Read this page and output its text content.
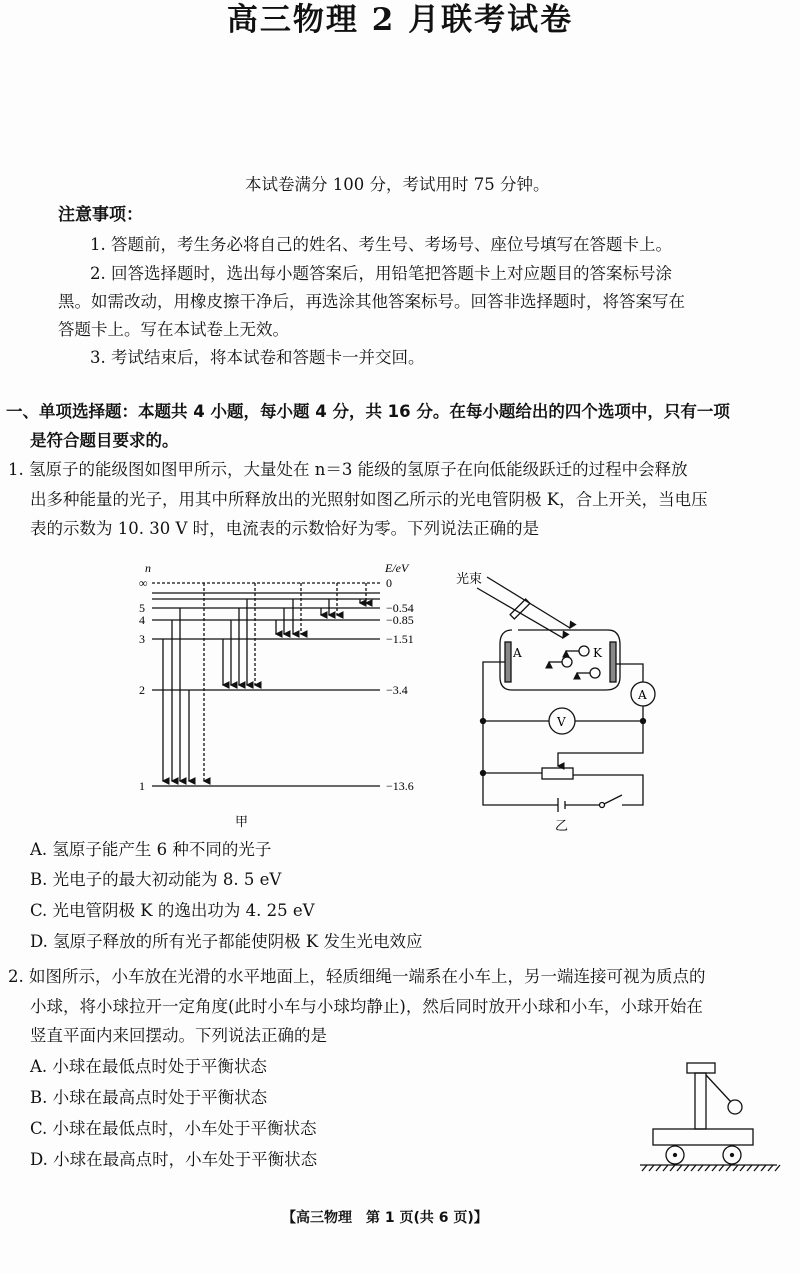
高三物理 2 月联考试卷
本试卷满分 100 分，考试用时 75 分钟。
注意事项：
1. 答题前，考生务必将自己的姓名、考生号、考场号、座位号填写在答题卡上。
2. 回答选择题时，选出每小题答案后，用铅笔把答题卡上对应题目的答案标号涂
黑。如需改动，用橡皮擦干净后，再选涂其他答案标号。回答非选择题时，将答案写在
答题卡上。写在本试卷上无效。
3. 考试结束后，将本试卷和答题卡一并交回。
一、单项选择题：本题共 4 小题，每小题 4 分，共 16 分。在每小题给出的四个选项中，只有一项
是符合题目要求的。
1. 氢原子的能级图如图甲所示，大量处在 n＝3 能级的氢原子在向低能级跃迁的过程中会释放
出多种能量的光子，用其中所释放出的光照射如图乙所示的光电管阴极 K，合上开关，当电压
表的示数为 10. 30 V 时，电流表的示数恰好为零。下列说法正确的是
n	E/eV
∞	0
5	−0.54
4	−0.85
3	−1.51
2	−3.4
1	−13.6
甲
光束
A	K
A
V
乙
A. 氢原子能产生 6 种不同的光子
B. 光电子的最大初动能为 8. 5 eV
C. 光电管阴极 K 的逸出功为 4. 25 eV
D. 氢原子释放的所有光子都能使阴极 K 发生光电效应
2. 如图所示，小车放在光滑的水平地面上，轻质细绳一端系在小车上，另一端连接可视为质点的
小球，将小球拉开一定角度(此时小车与小球均静止)，然后同时放开小球和小车，小球开始在
竖直平面内来回摆动。下列说法正确的是
A. 小球在最低点时处于平衡状态
B. 小球在最高点时处于平衡状态
C. 小球在最低点时，小车处于平衡状态
D. 小球在最高点时，小车处于平衡状态
【高三物理　第 1 页(共 6 页)】
